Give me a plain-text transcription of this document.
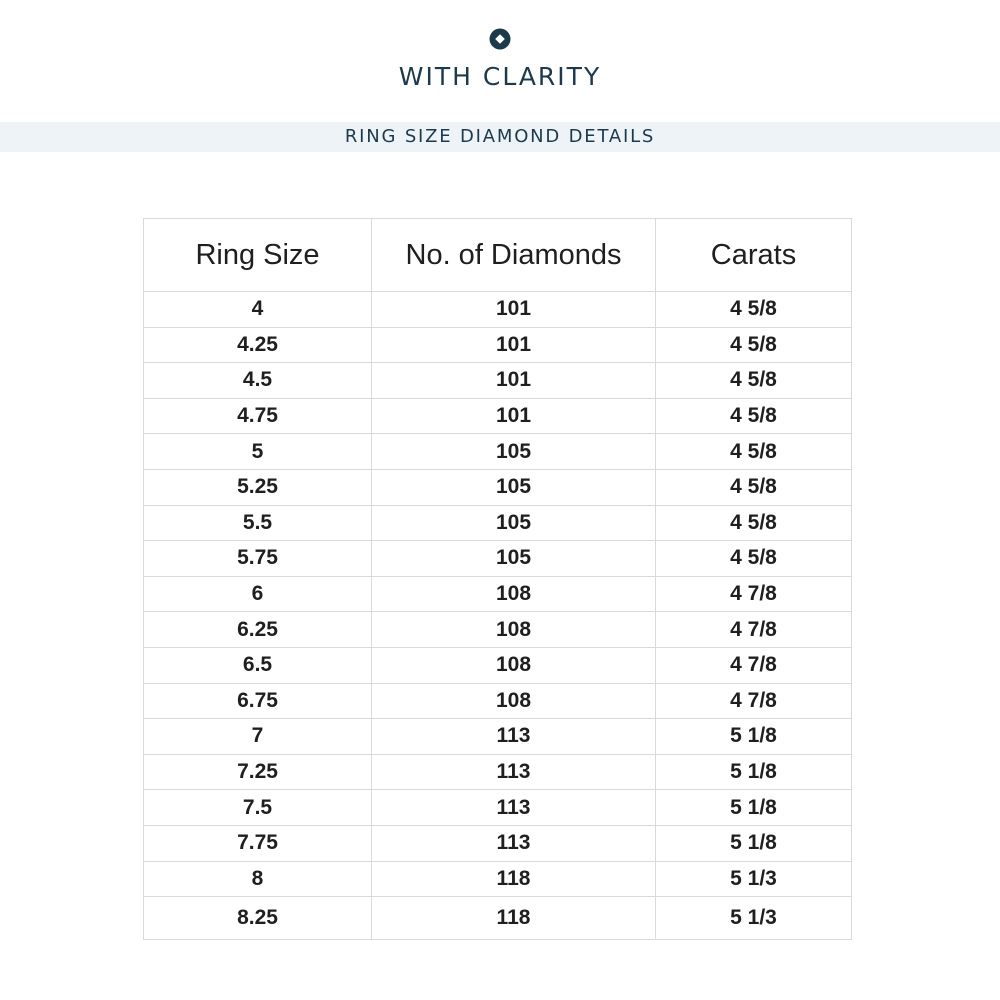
WITH CLARITY
RING SIZE DIAMOND DETAILS
Ring Size	No. of Diamonds	Carats
4	101	4 5/8
4.25	101	4 5/8
4.5	101	4 5/8
4.75	101	4 5/8
5	105	4 5/8
5.25	105	4 5/8
5.5	105	4 5/8
5.75	105	4 5/8
6	108	4 7/8
6.25	108	4 7/8
6.5	108	4 7/8
6.75	108	4 7/8
7	113	5 1/8
7.25	113	5 1/8
7.5	113	5 1/8
7.75	113	5 1/8
8	118	5 1/3
8.25	118	5 1/3
